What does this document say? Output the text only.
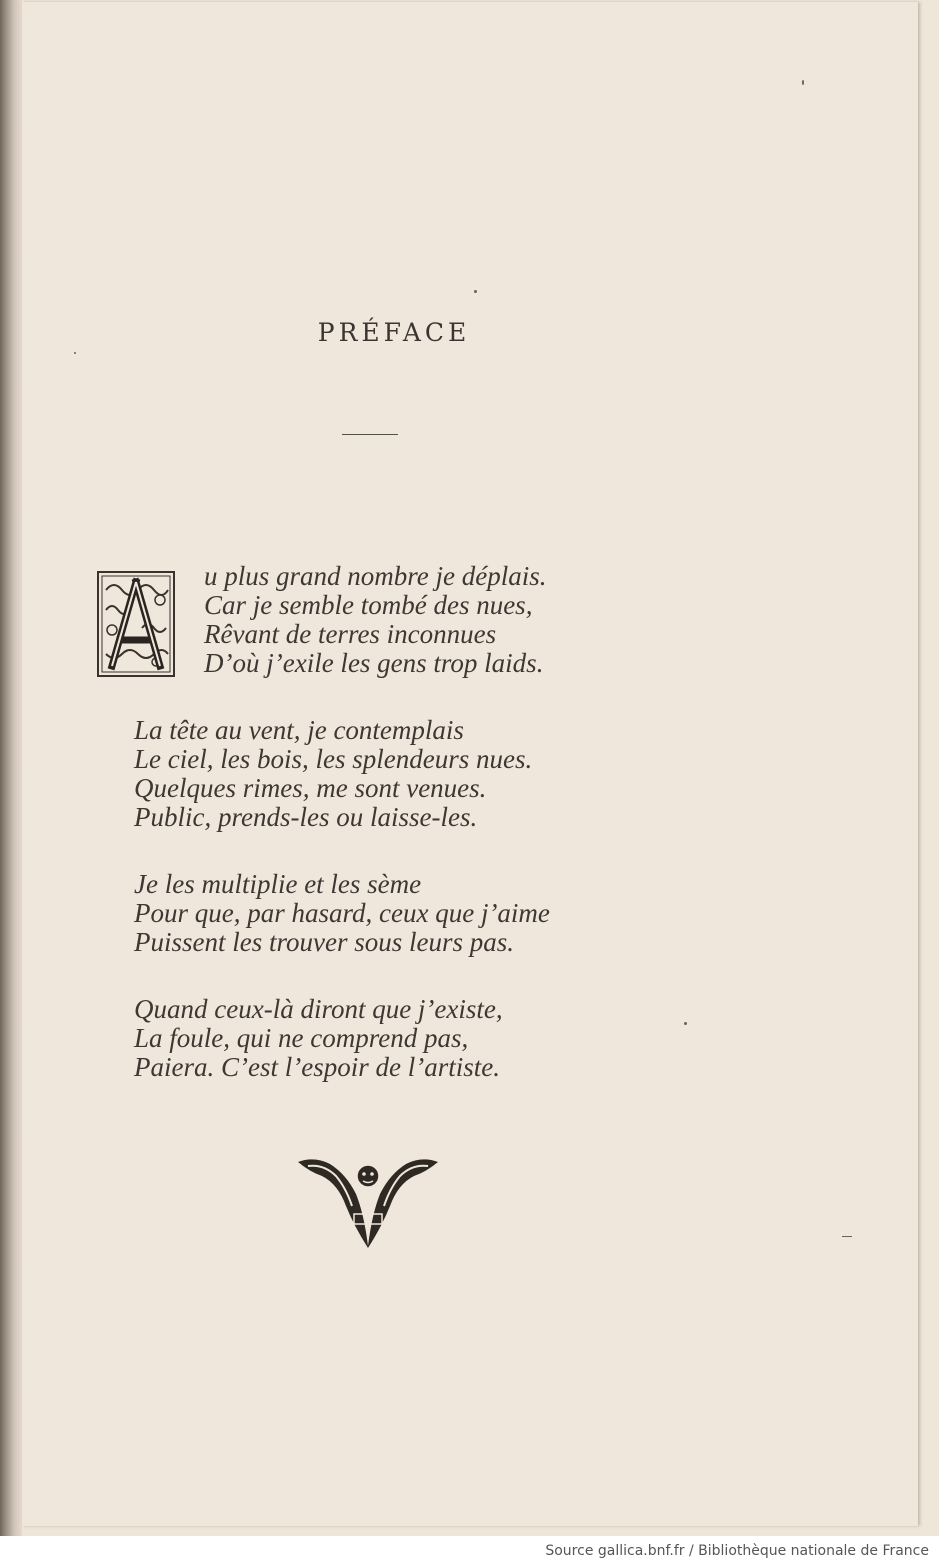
PRÉFACE
u plus grand nombre je déplais.
Car je semble tombé des nues,
Rêvant de terres inconnues
D’où j’exile les gens trop laids.
La tête au vent, je contemplais
Le ciel, les bois, les splendeurs nues.
Quelques rimes, me sont venues.
Public, prends-les ou laisse-les.
Je les multiplie et les sème
Pour que, par hasard, ceux que j’aime
Puissent les trouver sous leurs pas.
Quand ceux-là diront que j’existe,
La foule, qui ne comprend pas,
Paiera. C’est l’espoir de l’artiste.
Source gallica.bnf.fr / Bibliothèque nationale de France
